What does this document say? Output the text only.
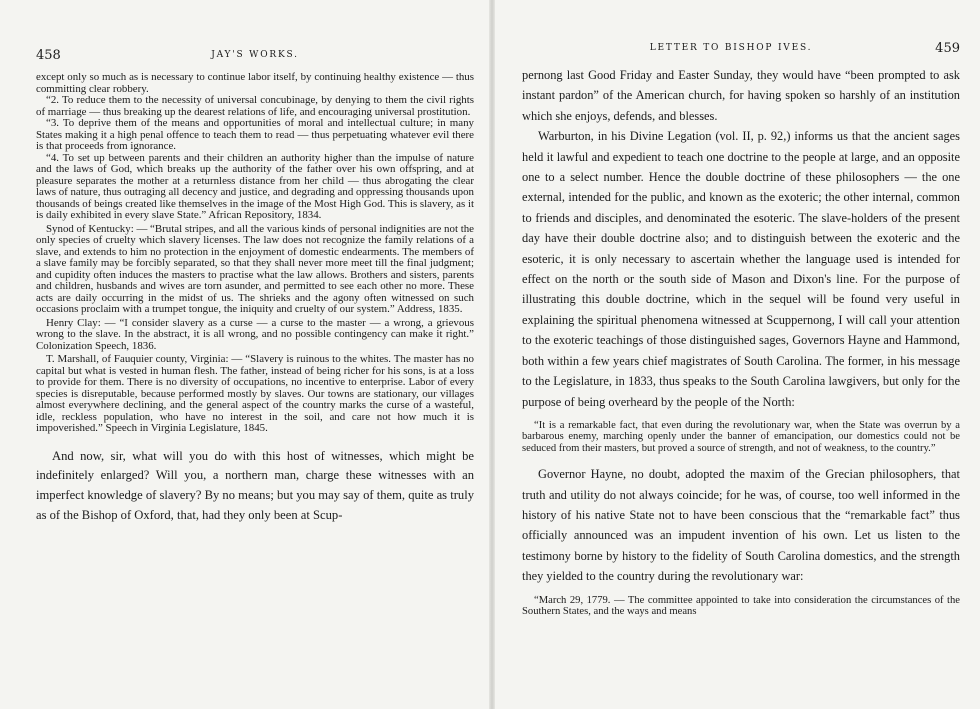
458	JAY'S WORKS.

except only so much as is necessary to continue labor itself, by continuing healthy existence — thus committing clear robbery.

“2. To reduce them to the necessity of universal concubinage, by denying to them the civil rights of marriage — thus breaking up the dearest relations of life, and encouraging universal prostitution.

“3. To deprive them of the means and opportunities of moral and intellectual culture; in many States making it a high penal offence to teach them to read — thus perpetuating whatever evil there is that proceeds from ignorance.

“4. To set up between parents and their children an authority higher than the impulse of nature and the laws of God, which breaks up the authority of the father over his own offspring, and at pleasure separates the mother at a returnless distance from her child — thus abrogating the clear laws of nature, thus outraging all decency and justice, and degrading and oppressing thousands upon thousands of beings created like themselves in the image of the Most High God. This is slavery, as it is daily exhibited in every slave State.” African Repository, 1834.

Synod of Kentucky: — “Brutal stripes, and all the various kinds of personal indignities are not the only species of cruelty which slavery licenses. The law does not recognize the family relations of a slave, and extends to him no protection in the enjoyment of domestic endearments. The members of a slave family may be forcibly separated, so that they shall never more meet till the final judgment; and cupidity often induces the masters to practise what the law allows. Brothers and sisters, parents and children, husbands and wives are torn asunder, and permitted to see each other no more. These acts are daily occurring in the midst of us. The shrieks and the agony often witnessed on such occasions proclaim with a trumpet tongue, the iniquity and cruelty of our system.” Address, 1835.

Henry Clay: — “I consider slavery as a curse — a curse to the master — a wrong, a grievous wrong to the slave. In the abstract, it is all wrong, and no possible contingency can make it right.” Colonization Speech, 1836.

T. Marshall, of Fauquier county, Virginia: — “Slavery is ruinous to the whites. The master has no capital but what is vested in human flesh. The father, instead of being richer for his sons, is at a loss to provide for them. There is no diversity of occupations, no incentive to enterprise. Labor of every species is disreputable, because performed mostly by slaves. Our towns are stationary, our villages almost everywhere declining, and the general aspect of the country marks the curse of a wasteful, idle, reckless population, who have no interest in the soil, and care not how much it is impoverished.” Speech in Virginia Legislature, 1845.

And now, sir, what will you do with this host of witnesses, which might be indefinitely enlarged? Will you, a northern man, charge these witnesses with an imperfect knowledge of slavery? By no means; but you may say of them, quite as truly as of the Bishop of Oxford, that, had they only been at Scup-

LETTER TO BISHOP IVES.	459

pernong last Good Friday and Easter Sunday, they would have “been prompted to ask instant pardon” of the American church, for having spoken so harshly of an institution which she enjoys, defends, and blesses.

Warburton, in his Divine Legation (vol. II, p. 92,) informs us that the ancient sages held it lawful and expedient to teach one doctrine to the people at large, and an opposite one to a select number. Hence the double doctrine of these philosophers — the one external, intended for the public, and known as the exoteric; the other internal, common to friends and disciples, and denominated the esoteric. The slave-holders of the present day have their double doctrine also; and to distinguish between the exoteric and the esoteric, it is only necessary to ascertain whether the language used is intended for effect on the north or the south side of Mason and Dixon's line. For the purpose of illustrating this double doctrine, which in the sequel will be found very useful in explaining the spiritual phenomena witnessed at Scuppernong, I will call your attention to the exoteric teachings of those distinguished sages, Governors Hayne and Hammond, both within a few years chief magistrates of South Carolina. The former, in his message to the Legislature, in 1833, thus speaks to the South Carolina lawgivers, but only for the purpose of being overheard by the people of the North:

“It is a remarkable fact, that even during the revolutionary war, when the State was overrun by a barbarous enemy, marching openly under the banner of emancipation, our domestics could not be seduced from their masters, but proved a source of strength, and not of weakness, to the country.”

Governor Hayne, no doubt, adopted the maxim of the Grecian philosophers, that truth and utility do not always coincide; for he was, of course, too well informed in the history of his native State not to have been conscious that the “remarkable fact” thus officially announced was an impudent invention of his own. Let us listen to the testimony borne by history to the fidelity of South Carolina domestics, and the strength they yielded to the country during the revolutionary war:

“March 29, 1779. — The committee appointed to take into consideration the circumstances of the Southern States, and the ways and means
